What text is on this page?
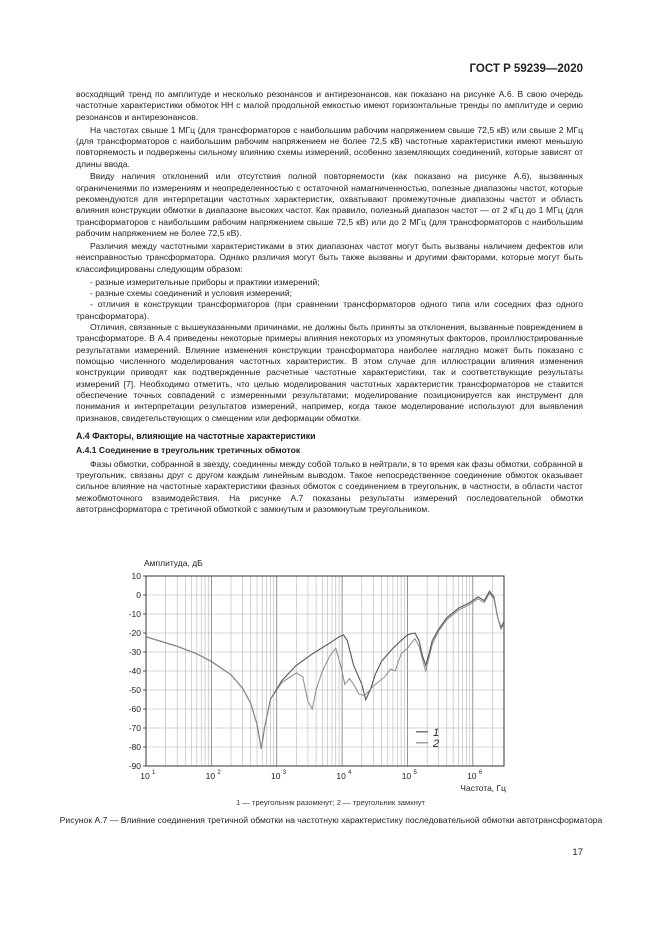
ГОСТ Р 59239—2020

восходящий тренд по амплитуде и несколько резонансов и антирезонансов, как показано на рисунке А.6. В свою очередь частотные характеристики обмоток НН с малой продольной емкостью имеют горизонтальные тренды по амплитуде и серию резонансов и антирезонансов.

На частотах свыше 1 МГц (для трансформаторов с наибольшим рабочим напряжением свыше 72,5 кВ) или свыше 2 МГц (для трансформаторов с наибольшим рабочим напряжением не более 72,5 кВ) частотные характеристики имеют меньшую повторяемость и подвержены сильному влиянию схемы измерений, особенно заземляющих соединений, которые зависят от длины ввода.

Ввиду наличия отклонений или отсутствия полной повторяемости (как показано на рисунке А.6), вызванных ограничениями по измерениям и неопределенностью с остаточной намагниченностью, полезные диапазоны частот, которые рекомендуются для интерпретации частотных характеристик, охватывают промежуточные диапазоны частот и область влияния конструкции обмотки в диапазоне высоких частот. Как правило, полезный диапазон частот — от 2 кГц до 1 МГц (для трансформаторов с наибольшим рабочим напряжением свыше 72,5 кВ) или до 2 МГц (для трансформаторов с наибольшим рабочим напряжением не более 72,5 кВ).

Различия между частотными характеристиками в этих диапазонах частот могут быть вызваны наличием дефектов или неисправностью трансформатора. Однако различия могут быть также вызваны и другими факторами, которые могут быть классифицированы следующим образом:

- разные измерительные приборы и практики измерений;

- разные схемы соединений и условия измерений;

- отличия в конструкции трансформаторов (при сравнении трансформаторов одного типа или соседних фаз одного трансформатора).

Отличия, связанные с вышеуказанными причинами, не должны быть приняты за отклонения, вызванные повреждением в трансформаторе. В А.4 приведены некоторые примеры влияния некоторых из упомянутых факторов, проиллюстрированные результатами измерений. Влияние изменения конструкции трансформатора наиболее наглядно может быть показано с помощью численного моделирования частотных характеристик. В этом случае для иллюстрации влияния изменения конструкции приводят как подтвержденные расчетные частотные характеристики, так и соответствующие результаты измерений [7]. Необходимо отметить, что целью моделирования частотных характеристик трансформаторов не ставится обеспечение точных совпадений с измеренными результатами; моделирование позиционируется как инструмент для понимания и интерпретации результатов измерений, например, когда такое моделирование используют для выявления признаков, свидетельствующих о смещении или деформации обмотки.

А.4 Факторы, влияющие на частотные характеристики
А.4.1 Соединение в треугольник третичных обмоток

Фазы обмотки, собранной в звезду, соединены между собой только в нейтрали, в то время как фазы обмотки, собранной в треугольник, связаны друг с другом каждым линейным выводом. Такое непосредственное соединение обмоток оказывает сильное влияние на частотные характеристики фазных обмоток с соединением в треугольник, в частности, в области частот межобмоточного взаимодействия. На рисунке А.7 показаны результаты измерений последовательной обмотки автотрансформатора с третичной обмоткой с замкнутым и разомкнутым треугольником.

10
0
-10
-20
-30
-40
-50
-60
-70
-80
-90
10 1	10 2	10 3	10 4	10 5	10 6
Амплитуда, дБ
Частота, Гц
1
2
1 — треугольник разомкнут; 2 — треугольник замкнут
Рисунок А.7 — Влияние соединения третичной обмотки на частотную характеристику последовательной обмотки автотрансформатора
17
